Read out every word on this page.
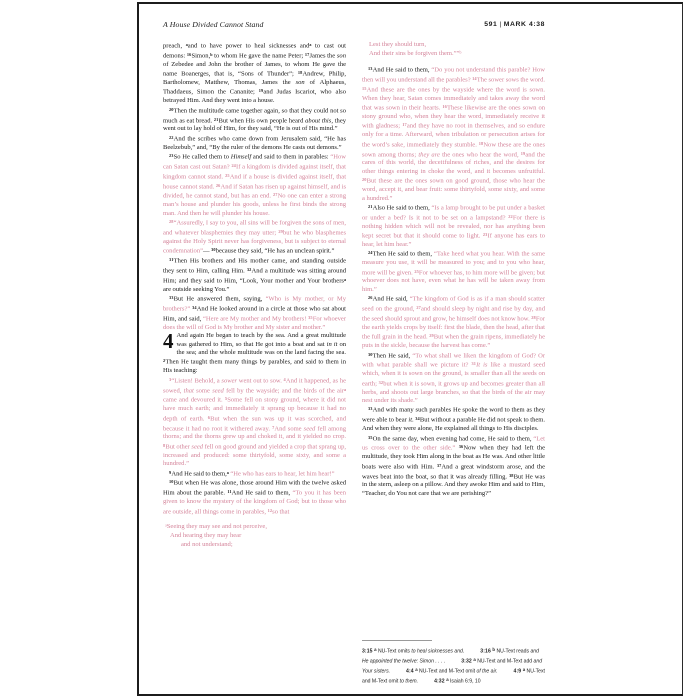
A House Divided Cannot Stand	591 | MARK 4:38

preach, $^a$and to have power to heal sicknesses and$^a$ to cast out demons: $^{16}$Simon,$^b$ to whom He gave the name Peter; $^{17}$James the son of Zebedee and John the brother of James, to whom He gave the name Boanerges, that is, “Sons of Thunder”; $^{18}$Andrew, Philip, Bartholomew, Matthew, Thomas, James the son of Alphaeus, Thaddaeus, Simon the Cananite; $^{19}$and Judas Iscariot, who also betrayed Him. And they went into a house.

$^{20}$Then the multitude came together again, so that they could not so much as eat bread. $^{21}$But when His own people heard about this, they went out to lay hold of Him, for they said, “He is out of His mind.”

$^{22}$And the scribes who came down from Jerusalem said, “He has Beelzebub,” and, “By the ruler of the demons He casts out demons.”

$^{23}$So He called them to Himself and said to them in parables: “How can Satan cast out Satan? $^{24}$If a kingdom is divided against itself, that kingdom cannot stand. $^{25}$And if a house is divided against itself, that house cannot stand. $^{26}$And if Satan has risen up against himself, and is divided, he cannot stand, but has an end. $^{27}$No one can enter a strong man’s house and plunder his goods, unless he first binds the strong man. And then he will plunder his house.

$^{28}$“Assuredly, I say to you, all sins will be forgiven the sons of men, and whatever blasphemies they may utter; $^{29}$but he who blasphemes against the Holy Spirit never has forgiveness, but is subject to eternal condemnation”— $^{30}$because they said, “He has an unclean spirit.”

$^{31}$Then His brothers and His mother came, and standing outside they sent to Him, calling Him. $^{32}$And a multitude was sitting around Him; and they said to Him, “Look, Your mother and Your brothers$^a$ are outside seeking You.”

$^{33}$But He answered them, saying, “Who is My mother, or My brothers?” $^{34}$And He looked around in a circle at those who sat about Him, and said, “Here are My mother and My brothers! $^{35}$For whoever does the will of God is My brother and My sister and mother.”

4 And again He began to teach by the sea. And a great multitude was gathered to Him, so that He got into a boat and sat in it on the sea; and the whole multitude was on the land facing the sea. $^2$Then He taught them many things by parables, and said to them in His teaching:

$^3$“Listen! Behold, a sower went out to sow. $^4$And it happened, as he sowed, that some seed fell by the wayside; and the birds of the air$^a$ came and devoured it. $^5$Some fell on stony ground, where it did not have much earth; and immediately it sprang up because it had no depth of earth. $^6$But when the sun was up it was scorched, and because it had no root it withered away. $^7$And some seed fell among thorns; and the thorns grew up and choked it, and it yielded no crop. $^8$But other seed fell on good ground and yielded a crop that sprang up, increased and produced: some thirtyfold, some sixty, and some a hundred.”

$^9$And He said to them,$^a$ “He who has ears to hear, let him hear!”

$^{10}$But when He was alone, those around Him with the twelve asked Him about the parable. $^{11}$And He said to them, “To you it has been given to know the mystery of the kingdom of God; but to those who are outside, all things come in parables, $^{12}$so that

ᵃSeeing they may see and not perceive,
And hearing they may hear
and not understand;
Lest they should turn,
And their sins be forgiven them.””ᵇ

$^{13}$And He said to them, “Do you not understand this parable? How then will you understand all the parables? $^{14}$The sower sows the word. $^{15}$And these are the ones by the wayside where the word is sown. When they hear, Satan comes immediately and takes away the word that was sown in their hearts. $^{16}$These likewise are the ones sown on stony ground who, when they hear the word, immediately receive it with gladness; $^{17}$and they have no root in themselves, and so endure only for a time. Afterward, when tribulation or persecution arises for the word’s sake, immediately they stumble. $^{18}$Now these are the ones sown among thorns; they are the ones who hear the word, $^{19}$and the cares of this world, the deceitfulness of riches, and the desires for other things entering in choke the word, and it becomes unfruitful. $^{20}$But these are the ones sown on good ground, those who hear the word, accept it, and bear fruit: some thirtyfold, some sixty, and some a hundred.”

$^{21}$Also He said to them, “Is a lamp brought to be put under a basket or under a bed? Is it not to be set on a lampstand? $^{22}$For there is nothing hidden which will not be revealed, nor has anything been kept secret but that it should come to light. $^{23}$If anyone has ears to hear, let him hear.”

$^{24}$Then He said to them, “Take heed what you hear. With the same measure you use, it will be measured to you; and to you who hear, more will be given. $^{25}$For whoever has, to him more will be given; but whoever does not have, even what he has will be taken away from him.”

$^{26}$And He said, “The kingdom of God is as if a man should scatter seed on the ground, $^{27}$and should sleep by night and rise by day, and the seed should sprout and grow, he himself does not know how. $^{28}$For the earth yields crops by itself: first the blade, then the head, after that the full grain in the head. $^{29}$But when the grain ripens, immediately he puts in the sickle, because the harvest has come.”

$^{30}$Then He said, “To what shall we liken the kingdom of God? Or with what parable shall we picture it? $^{31}$It is like a mustard seed which, when it is sown on the ground, is smaller than all the seeds on earth; $^{32}$but when it is sown, it grows up and becomes greater than all herbs, and shoots out large branches, so that the birds of the air may nest under its shade.”

$^{33}$And with many such parables He spoke the word to them as they were able to bear it. $^{34}$But without a parable He did not speak to them. And when they were alone, He explained all things to His disciples.

$^{35}$On the same day, when evening had come, He said to them, “Let us cross over to the other side.” $^{36}$Now when they had left the multitude, they took Him along in the boat as He was. And other little boats were also with Him. $^{37}$And a great windstorm arose, and the waves beat into the boat, so that it was already filling. $^{38}$But He was in the stern, asleep on a pillow. And they awoke Him and said to Him, “Teacher, do You not care that we are perishing?”

3:15 $^a$ NU-Text omits to heal sicknesses and.	3:16 $^b$ NU-Text reads and He appointed the twelve: Simon . . . .	3:32 $^a$ NU-Text and M-Text add and Your sisters.	4:4 $^a$ NU-Text and M-Text omit of the air.	4:9 $^a$ NU-Text and M-Text omit to them.	4:32 $^a$ Isaiah 6:9, 10
